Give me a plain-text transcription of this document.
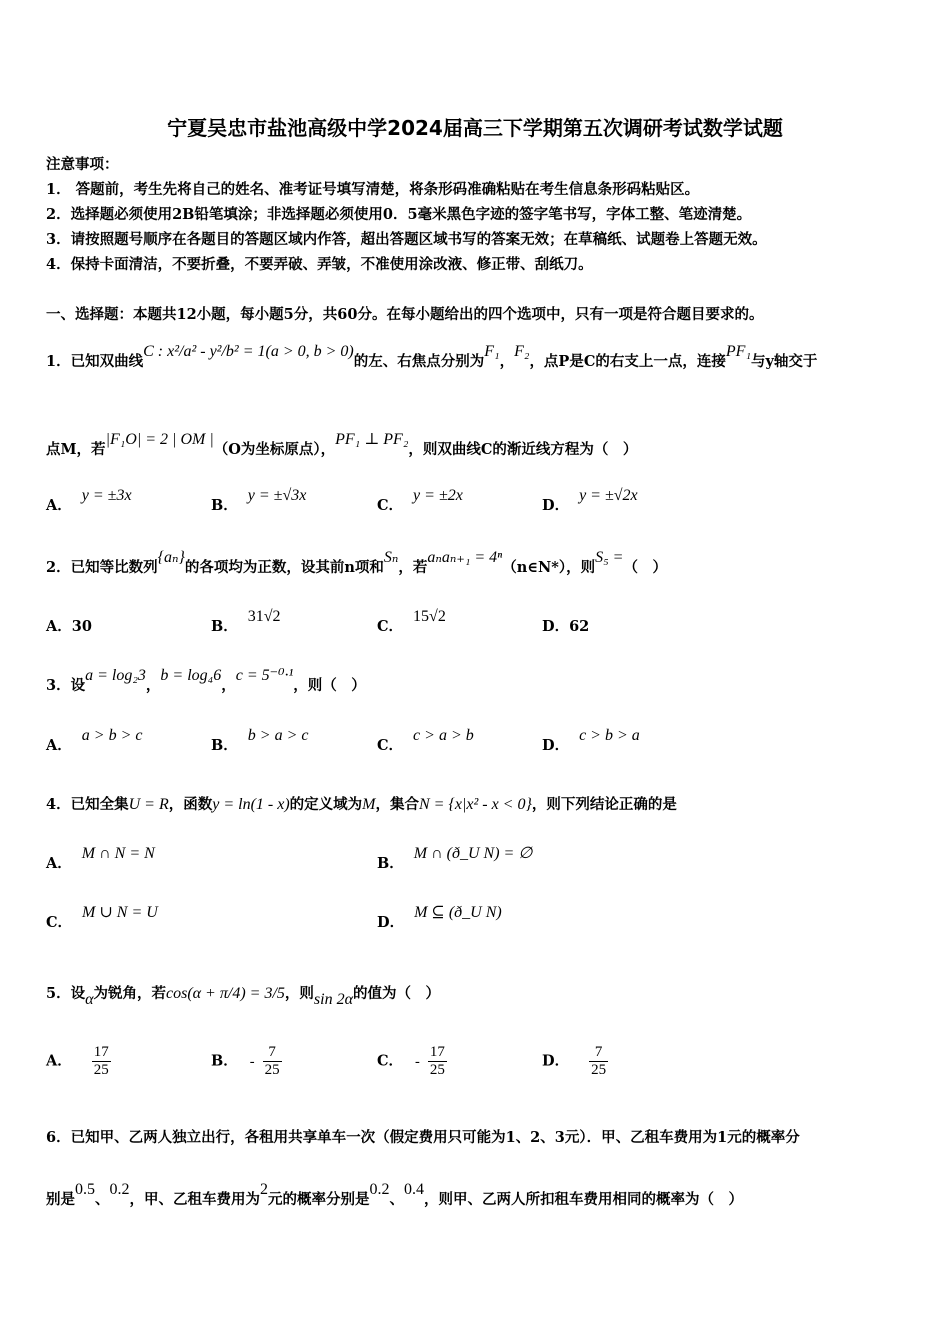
宁夏吴忠市盐池高级中学2024届高三下学期第五次调研考试数学试题
注意事项：
1． 答题前，考生先将自己的姓名、准考证号填写清楚，将条形码准确粘贴在考生信息条形码粘贴区。
2．选择题必须使用2B铅笔填涂；非选择题必须使用0．5毫米黑色字迹的签字笔书写，字体工整、笔迹清楚。
3．请按照题号顺序在各题目的答题区域内作答，超出答题区域书写的答案无效；在草稿纸、试题卷上答题无效。
4．保持卡面清洁，不要折叠，不要弄破、弄皱，不准使用涂改液、修正带、刮纸刀。
一、选择题：本题共12小题，每小题5分，共60分。在每小题给出的四个选项中，只有一项是符合题目要求的。
1．已知双曲线C : x²/a² - y²/b² = 1(a > 0, b > 0)的左、右焦点分别为F₁，F₂，点P是C的右支上一点，连接PF₁与y轴交于
点M，若|F₁O| = 2 | OM |（O为坐标原点），PF₁ ⊥ PF₂，则双曲线C的渐近线方程为（　）
A．y = ±3x
B．y = ±√3x
C．y = ±2x
D．y = ±√2x
2．已知等比数列{aₙ}的各项均为正数，设其前n项和Sₙ，若aₙaₙ₊₁ = 4ⁿ（n∈N*），则S₅ =（　）
A．30	B．31√2
C．15√2
D．62
3．设a = log₂3，b = log₄6，c = 5⁻⁰·¹，则（　）
A．a > b > c
B．b > a > c
C．c > a > b
D．c > b > a
4．已知全集U = R，函数y = ln(1 - x)的定义域为M，集合N = {x|x² - x < 0}，则下列结论正确的是
A．M ∩ N = N
B．M ∩ (ð_U N) = ∅
C．M ∪ N = U
D．M ⊆ (ð_U N)
5．设α为锐角，若cos(α + π/4) = 3/5，则sin 2α的值为（　）
A． $\frac{17}{25}$	B． - $\frac{7}{25}$	C． - $\frac{17}{25}$	D． $\frac{7}{25}$
6．已知甲、乙两人独立出行，各租用共享单车一次（假定费用只可能为1、2、3元）．甲、乙租车费用为1元的概率分
别是0.5、0.2，甲、乙租车费用为2元的概率分别是0.2、0.4，则甲、乙两人所扣租车费用相同的概率为（　）
